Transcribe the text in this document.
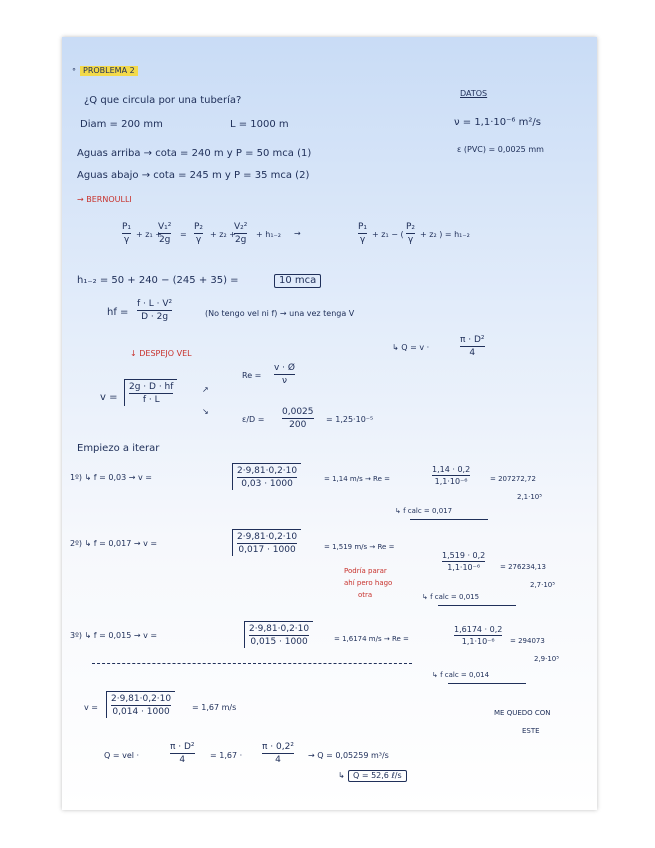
° PROBLEMA 2
¿Q que circula por una tubería?
Diam = 200 mm	L = 1000 m
DATOS
ν = 1,1·10⁻⁶ m²/s
ε (PVC) = 0,0025 mm
Aguas arriba → cota = 240 m y P = 50 mca (1)
Aguas abajo → cota = 245 m y P = 35 mca (2)
→ BERNOULLI
P₁
γ
+ z₁ +
V₁²
2g
=
P₂
γ
+ z₂ +
V₂²
2g
+ h₁₋₂ →
P₁
γ
+ z₁ − (
P₂
γ
+ z₂ ) = h₁₋₂
h₁₋₂ = 50 + 240 − (245 + 35) =	10 mca
hf =
f · L · V²
D · 2g	(No tengo vel ni f) → una vez tenga V
↳ Q = v ·
π · D²
4
↓ DESPEJO VEL
v =
2g · D · hf
f · L
↗
↘
Re =
v · Ø
ν
ε/D =
0,0025
200
= 1,25·10⁻⁵
Empiezo a iterar
1º) ↳ f = 0,03 → v =
2·9,81·0,2·10
0,03 · 1000
= 1,14 m/s → Re =
1,14 · 0,2
1,1·10⁻⁶	= 207272,72
2,1·10⁵
↳ f calc = 0,017
2º) ↳ f = 0,017 → v =
2·9,81·0,2·10
0,017 · 1000	= 1,519 m/s → Re =
1,519 · 0,2
1,1·10⁻⁶	= 276234,13
2,7·10⁵
Podría parar
ahí pero hago
otra	↳ f calc = 0,015
3º) ↳ f = 0,015 → v =
2·9,81·0,2·10
0,015 · 1000	= 1,6174 m/s → Re =
1,6174 · 0,2
1,1·10⁻⁶ = 294073
2,9·10⁵
↳ f calc = 0,014
v =
2·9,81·0,2·10
0,014 · 1000	= 1,67 m/s
ME QUEDO CON
ESTE
Q = vel ·
π · D²
4	= 1,67 ·
π · 0,2²
4	→ Q = 0,05259 m³/s
↳	Q = 52,6 ℓ/s
